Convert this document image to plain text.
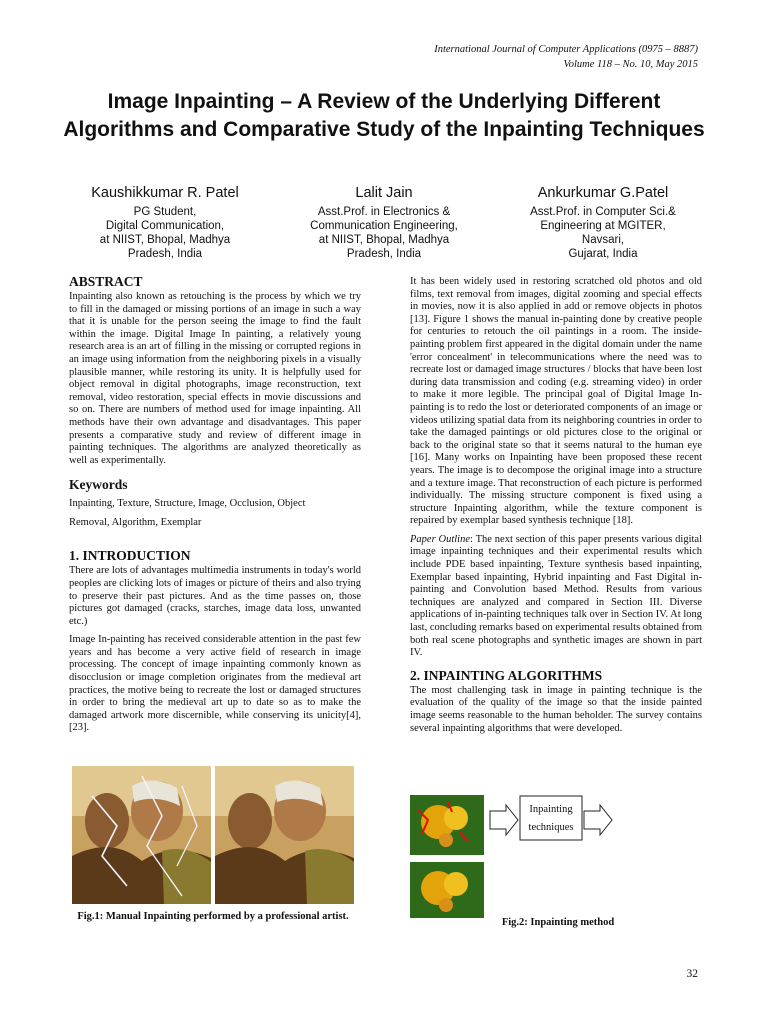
International Journal of Computer Applications (0975 – 8887)
Volume 118 – No. 10, May 2015
Image Inpainting – A Review of the Underlying Different Algorithms and Comparative Study of the Inpainting Techniques
Kaushikkumar R. Patel
PG Student,
Digital Communication,
at NIIST, Bhopal, Madhya
Pradesh, India
Lalit Jain
Asst.Prof. in Electronics &
Communication Engineering,
at NIIST, Bhopal, Madhya
Pradesh, India
Ankurkumar G.Patel
Asst.Prof. in Computer Sci.&
Engineering at MGITER,
Navsari,
Gujarat, India
ABSTRACT

Inpainting also known as retouching is the process by which we try to fill in the damaged or missing portions of an image in such a way that it is unable for the person seeing the image to find the fault within the image. Digital Image In painting, a relatively young research area is an art of filling in the missing or corrupted regions in an image using information from the neighboring pixels in a visually plausible manner, while restoring its unity. It is helpfully used for object removal in digital photographs, image reconstruction, text removal, video restoration, special effects in movie discussions and so on. There are numbers of method used for image inpainting. All methods have their own advantage and disadvantages. This paper presents a comparative study and review of different image in painting techniques. The algorithms are analyzed theoretically as well as experimentally.

Keywords

Inpainting, Texture, Structure, Image, Occlusion, Object

Removal, Algorithm, Exemplar

1. INTRODUCTION

There are lots of advantages multimedia instruments in today's world peoples are clicking lots of images or picture of theirs and also trying to preserve their past pictures. And as the time passes on, those pictures got damaged (cracks, starches, image data loss, unwanted etc.)

Image In-painting has received considerable attention in the past few years and has become a very active field of research in image processing. The concept of image inpainting commonly known as disocclusion or image completion originates from the medieval art practices, the motive being to recreate the lost or damaged structures in order to bring the medieval art up to date so as to make the damaged artwork more discernible, while conserving its unicity[4],[23].

Fig.1: Manual Inpainting performed by a professional artist.

It has been widely used in restoring scratched old photos and old films, text removal from images, digital zooming and special effects in movies, now it is also applied in add or remove objects in photos [13]. Figure 1 shows the manual in-painting done by creative people for centuries to retouch the oil paintings in a room. The inside-painting problem first appeared in the digital domain under the name 'error concealment' in telecommunications where the need was to recreate lost or damaged image structures / blocks that have been lost during data transmission and coding (e.g. streaming video) in order to make it more legible. The principal goal of Digital Image In-painting is to redo the lost or deteriorated components of an image or videos utilizing spatial data from its neighboring countries in order to take the damaged paintings or old pictures close to the original or back to the original state so that it seems natural to the human eye [16]. Many works on Inpainting have been proposed these recent years. The image is to decompose the original image into a structure and a texture image. That reconstruction of each picture is performed individually. The missing structure component is fixed using a structure Inpainting algorithm, while the texture component is repaired by exemplar based synthesis technique [18].

Paper Outline: The next section of this paper presents various digital image inpainting techniques and their experimental results which include PDE based inpainting, Texture synthesis based inpainting, Exemplar based inpainting, Hybrid inpainting and Fast Digital in-painting and Convolution based Method. Results from various techniques are analyzed and compared in Section III. Diverse applications of in-painting techniques talk over in Section IV. At long last, concluding remarks based on experimental results obtained from both real scene photographs and synthetic images are shown in part IV.

2. INPAINTING ALGORITHMS

The most challenging task in image in painting technique is the evaluation of the quality of the image so that the inside painted image seems reasonable to the human beholder. The survey contains several inpainting algorithms that were developed.

Inpainting
techniques
Fig.2: Inpainting method
32
